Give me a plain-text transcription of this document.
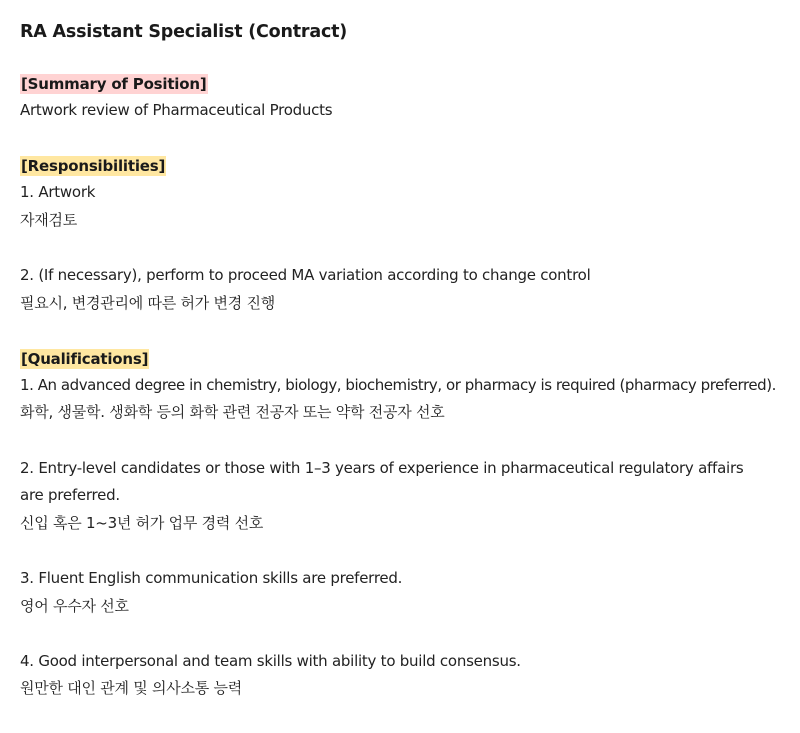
RA Assistant Specialist (Contract)
[Summary of Position]

Artwork review of Pharmaceutical Products

[Responsibilities]

1. Artwork

자재검토

2. (If necessary), perform to proceed MA variation according to change control

필요시, 변경관리에 따른 허가 변경 진행

[Qualifications]

1. An advanced degree in chemistry, biology, biochemistry, or pharmacy is required (pharmacy preferred).

화학, 생물학. 생화학 등의 화학 관련 전공자 또는 약학 전공자 선호

2. Entry-level candidates or those with 1–3 years of experience in pharmaceutical regulatory affairs are preferred.

신입 혹은 1~3년 허가 업무 경력 선호

3. Fluent English communication skills are preferred.

영어 우수자 선호

4. Good interpersonal and team skills with ability to build consensus.

원만한 대인 관계 및 의사소통 능력
